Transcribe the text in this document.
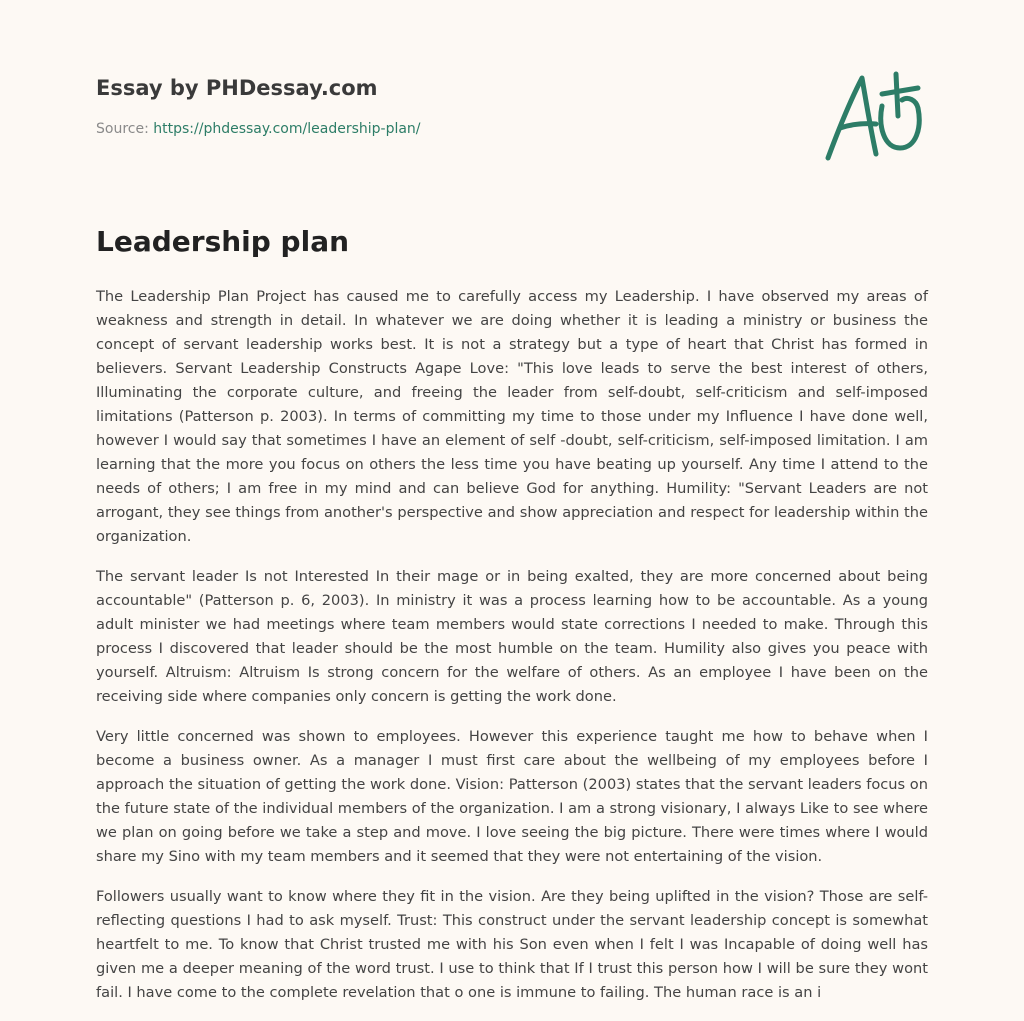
Essay by PHDessay.com
Source: https://phdessay.com/leadership-plan/
Leadership plan

The Leadership Plan Project has caused me to carefully access my Leadership. I have observed my areas of weakness and strength in detail. In whatever we are doing whether it is leading a ministry or business the concept of servant leadership works best. It is not a strategy but a type of heart that Christ has formed in believers. Servant Leadership Constructs Agape Love: "This love leads to serve the best interest of others, Illuminating the corporate culture, and freeing the leader from self-doubt, self-criticism and self-imposed limitations (Patterson p. 2003). In terms of committing my time to those under my Influence I have done well, however I would say that sometimes I have an element of self -doubt, self-criticism, self-imposed limitation. I am learning that the more you focus on others the less time you have beating up yourself. Any time I attend to the needs of others; I am free in my mind and can believe God for anything. Humility: "Servant Leaders are not arrogant, they see things from another's perspective and show appreciation and respect for leadership within the organization.

The servant leader Is not Interested In their mage or in being exalted, they are more concerned about being accountable" (Patterson p. 6, 2003). In ministry it was a process learning how to be accountable. As a young adult minister we had meetings where team members would state corrections I needed to make. Through this process I discovered that leader should be the most humble on the team. Humility also gives you peace with yourself. Altruism: Altruism Is strong concern for the welfare of others. As an employee I have been on the receiving side where companies only concern is getting the work done.

Very little concerned was shown to employees. However this experience taught me how to behave when I become a business owner. As a manager I must first care about the wellbeing of my employees before I approach the situation of getting the work done. Vision: Patterson (2003) states that the servant leaders focus on the future state of the individual members of the organization. I am a strong visionary, I always Like to see where we plan on going before we take a step and move. I love seeing the big picture. There were times where I would share my Sino with my team members and it seemed that they were not entertaining of the vision.

Followers usually want to know where they fit in the vision. Are they being uplifted in the vision? Those are self-reflecting questions I had to ask myself. Trust: This construct under the servant leadership concept is somewhat heartfelt to me. To know that Christ trusted me with his Son even when I felt I was Incapable of doing well has given me a deeper meaning of the word trust. I use to think that If I trust this person how I will be sure they wont fail. I have come to the complete revelation that o one is immune to failing. The human race is an i
